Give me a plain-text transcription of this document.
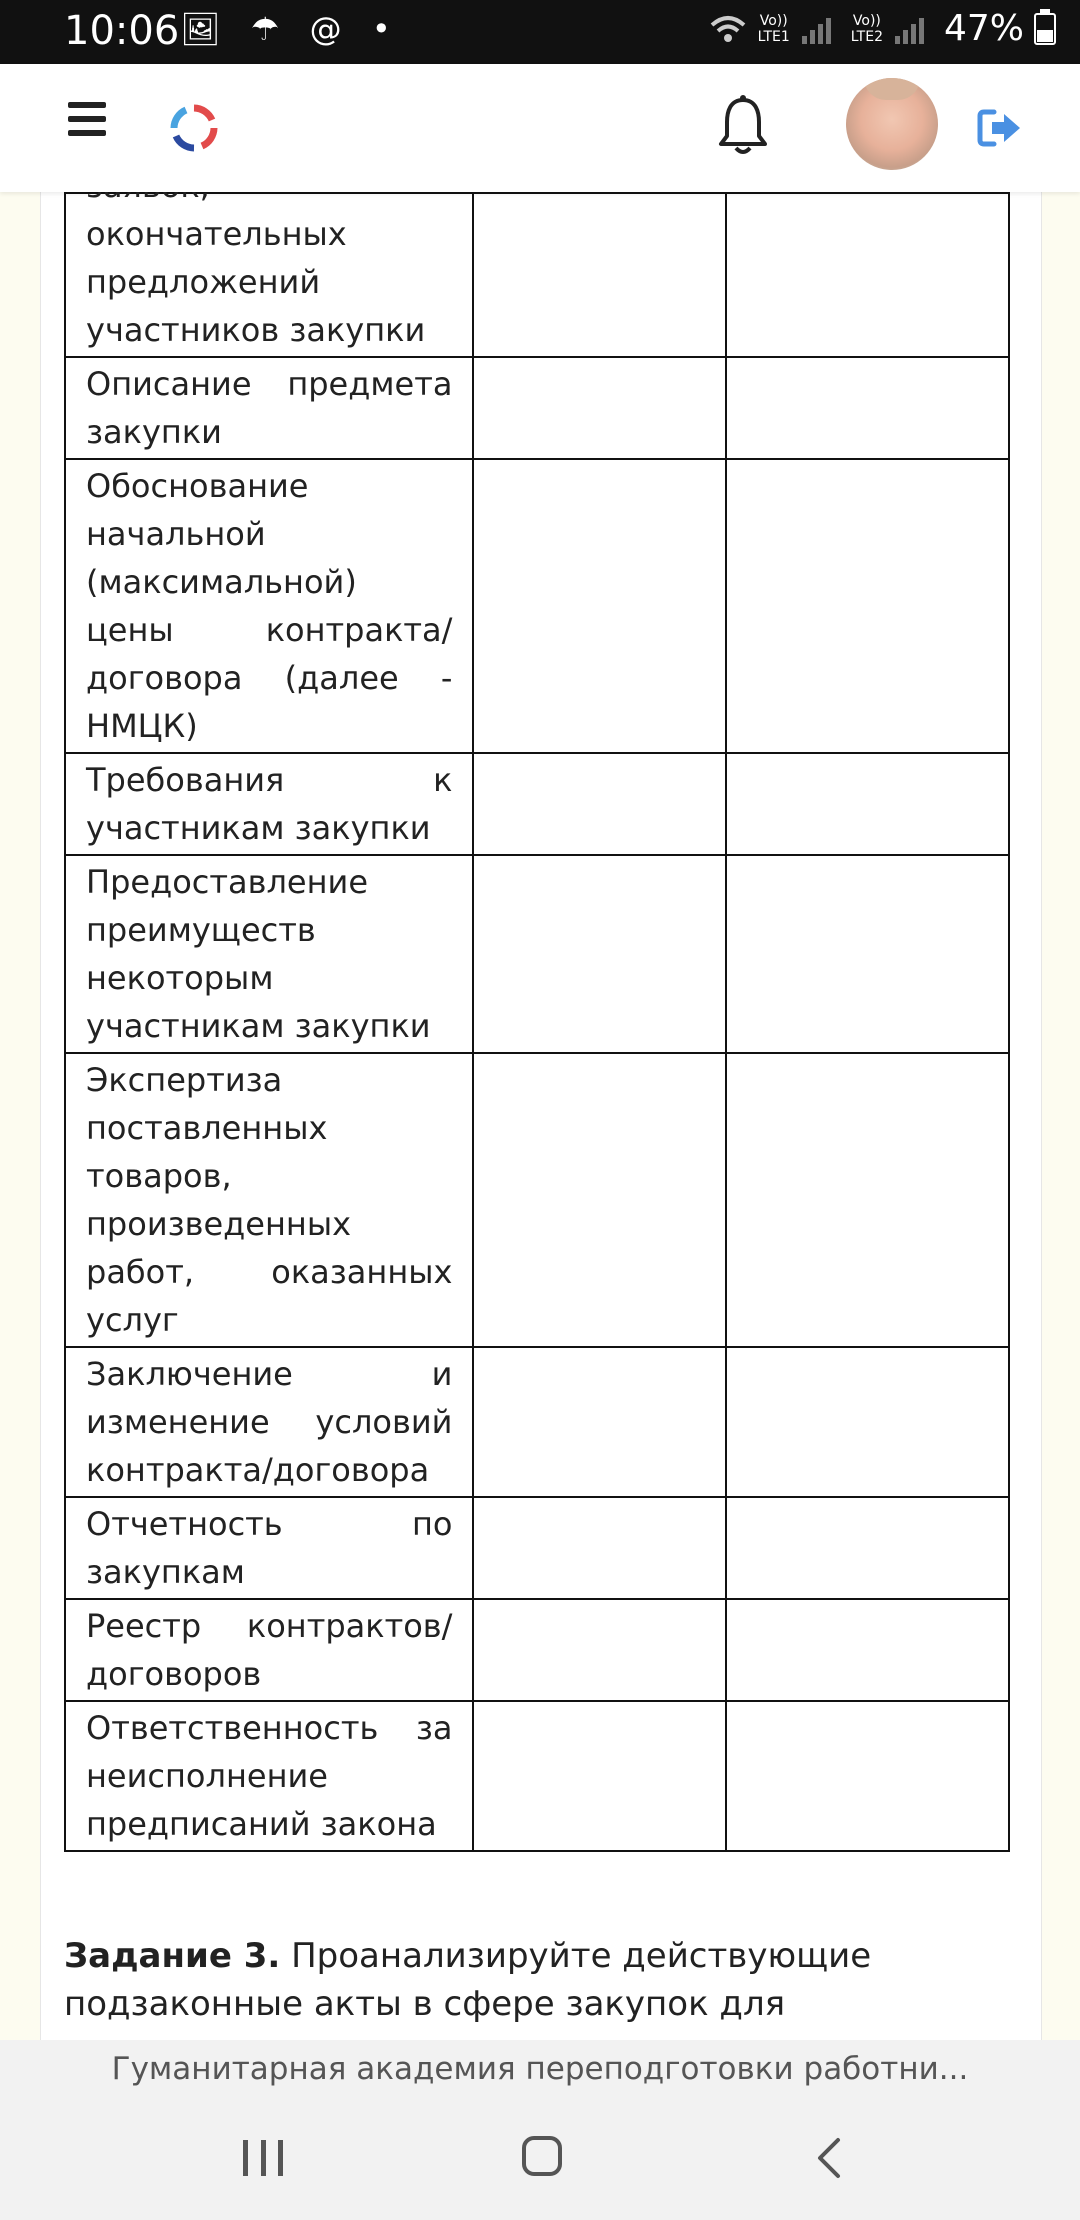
10:06 🖼 ☂ @ •	Vo))
LTE1
Vo))
LTE2 47%
окончательных предложений участников закупки		

Описание предмета закупки		

Обоснование начальной (максимальной) цены контракта/ договора (далее - НМЦК)		

Требования к участникам закупки		

Предоставление преимуществ некоторым участникам закупки		

Экспертиза поставленных товаров, произведенных работ, оказанных услуг		

Заключение и изменение условий контракта/договора		

Отчетность по закупкам		

Реестр контрактов/ договоров		

Ответственность за неисполнение предписаний закона		

Задание 3. Проанализируйте действующие подзаконные акты в сфере закупок для
Гуманитарная академия переподготовки работни...
